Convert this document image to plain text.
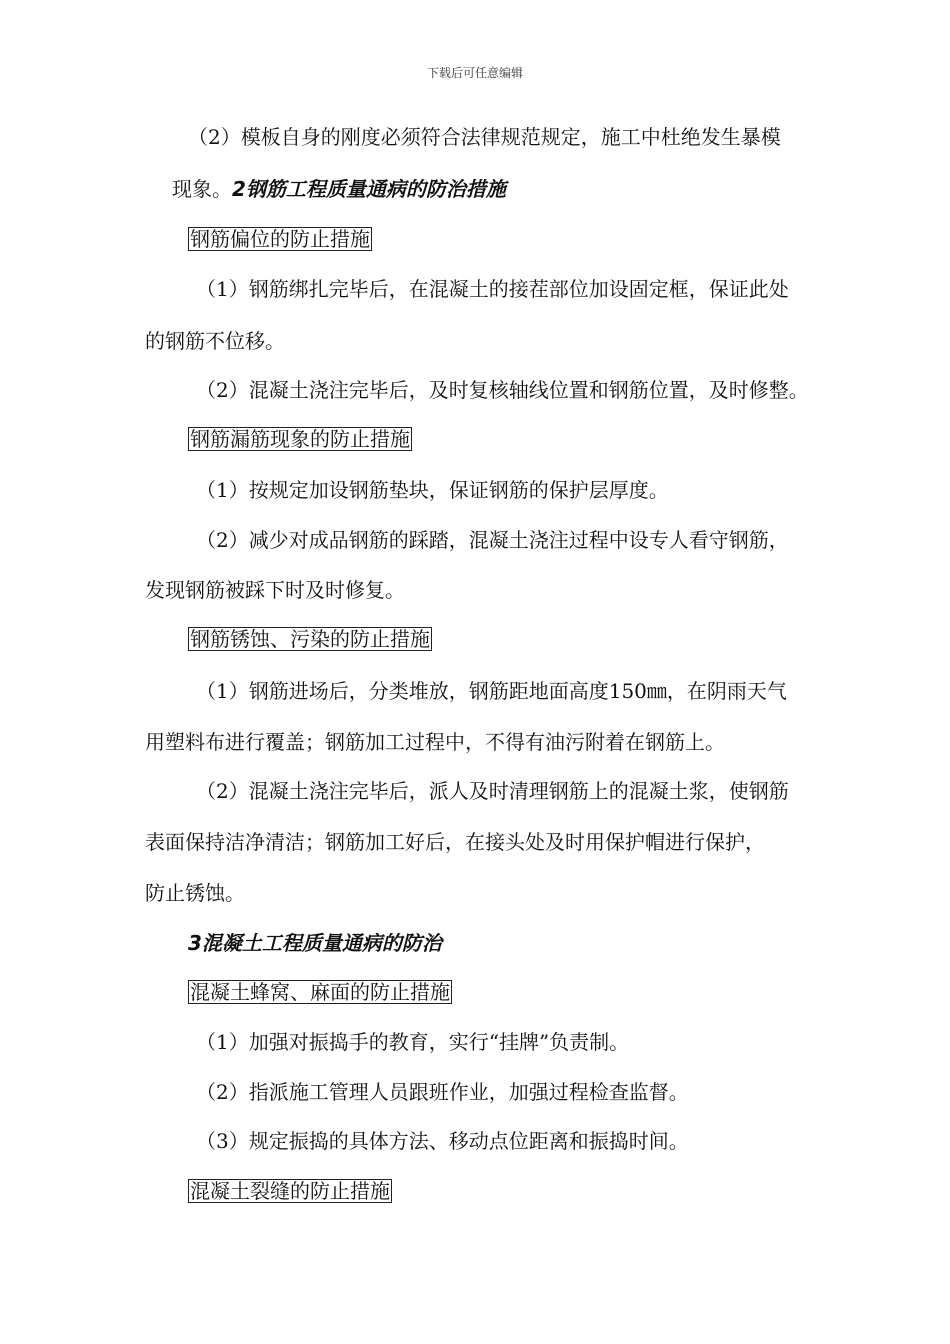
下载后可任意编辑
（2）模板自身的刚度必须符合法律规范规定，施工中杜绝发生暴模
现象。2钢筋工程质量通病的防治措施
钢筋偏位的防止措施
（1）钢筋绑扎完毕后，在混凝土的接茬部位加设固定框，保证此处
的钢筋不位移。
（2）混凝土浇注完毕后，及时复核轴线位置和钢筋位置，及时修整。
钢筋漏筋现象的防止措施
（1）按规定加设钢筋垫块，保证钢筋的保护层厚度。
（2）减少对成品钢筋的踩踏，混凝土浇注过程中设专人看守钢筋，
发现钢筋被踩下时及时修复。
钢筋锈蚀、污染的防止措施
（1）钢筋进场后，分类堆放，钢筋距地面高度150㎜，在阴雨天气
用塑料布进行覆盖；钢筋加工过程中，不得有油污附着在钢筋上。
（2）混凝土浇注完毕后，派人及时清理钢筋上的混凝土浆，使钢筋
表面保持洁净清洁；钢筋加工好后，在接头处及时用保护帽进行保护，
防止锈蚀。
3混凝土工程质量通病的防治
混凝土蜂窝、麻面的防止措施
（1）加强对振捣手的教育，实行“挂牌”负责制。
（2）指派施工管理人员跟班作业，加强过程检查监督。
（3）规定振捣的具体方法、移动点位距离和振捣时间。
混凝土裂缝的防止措施
